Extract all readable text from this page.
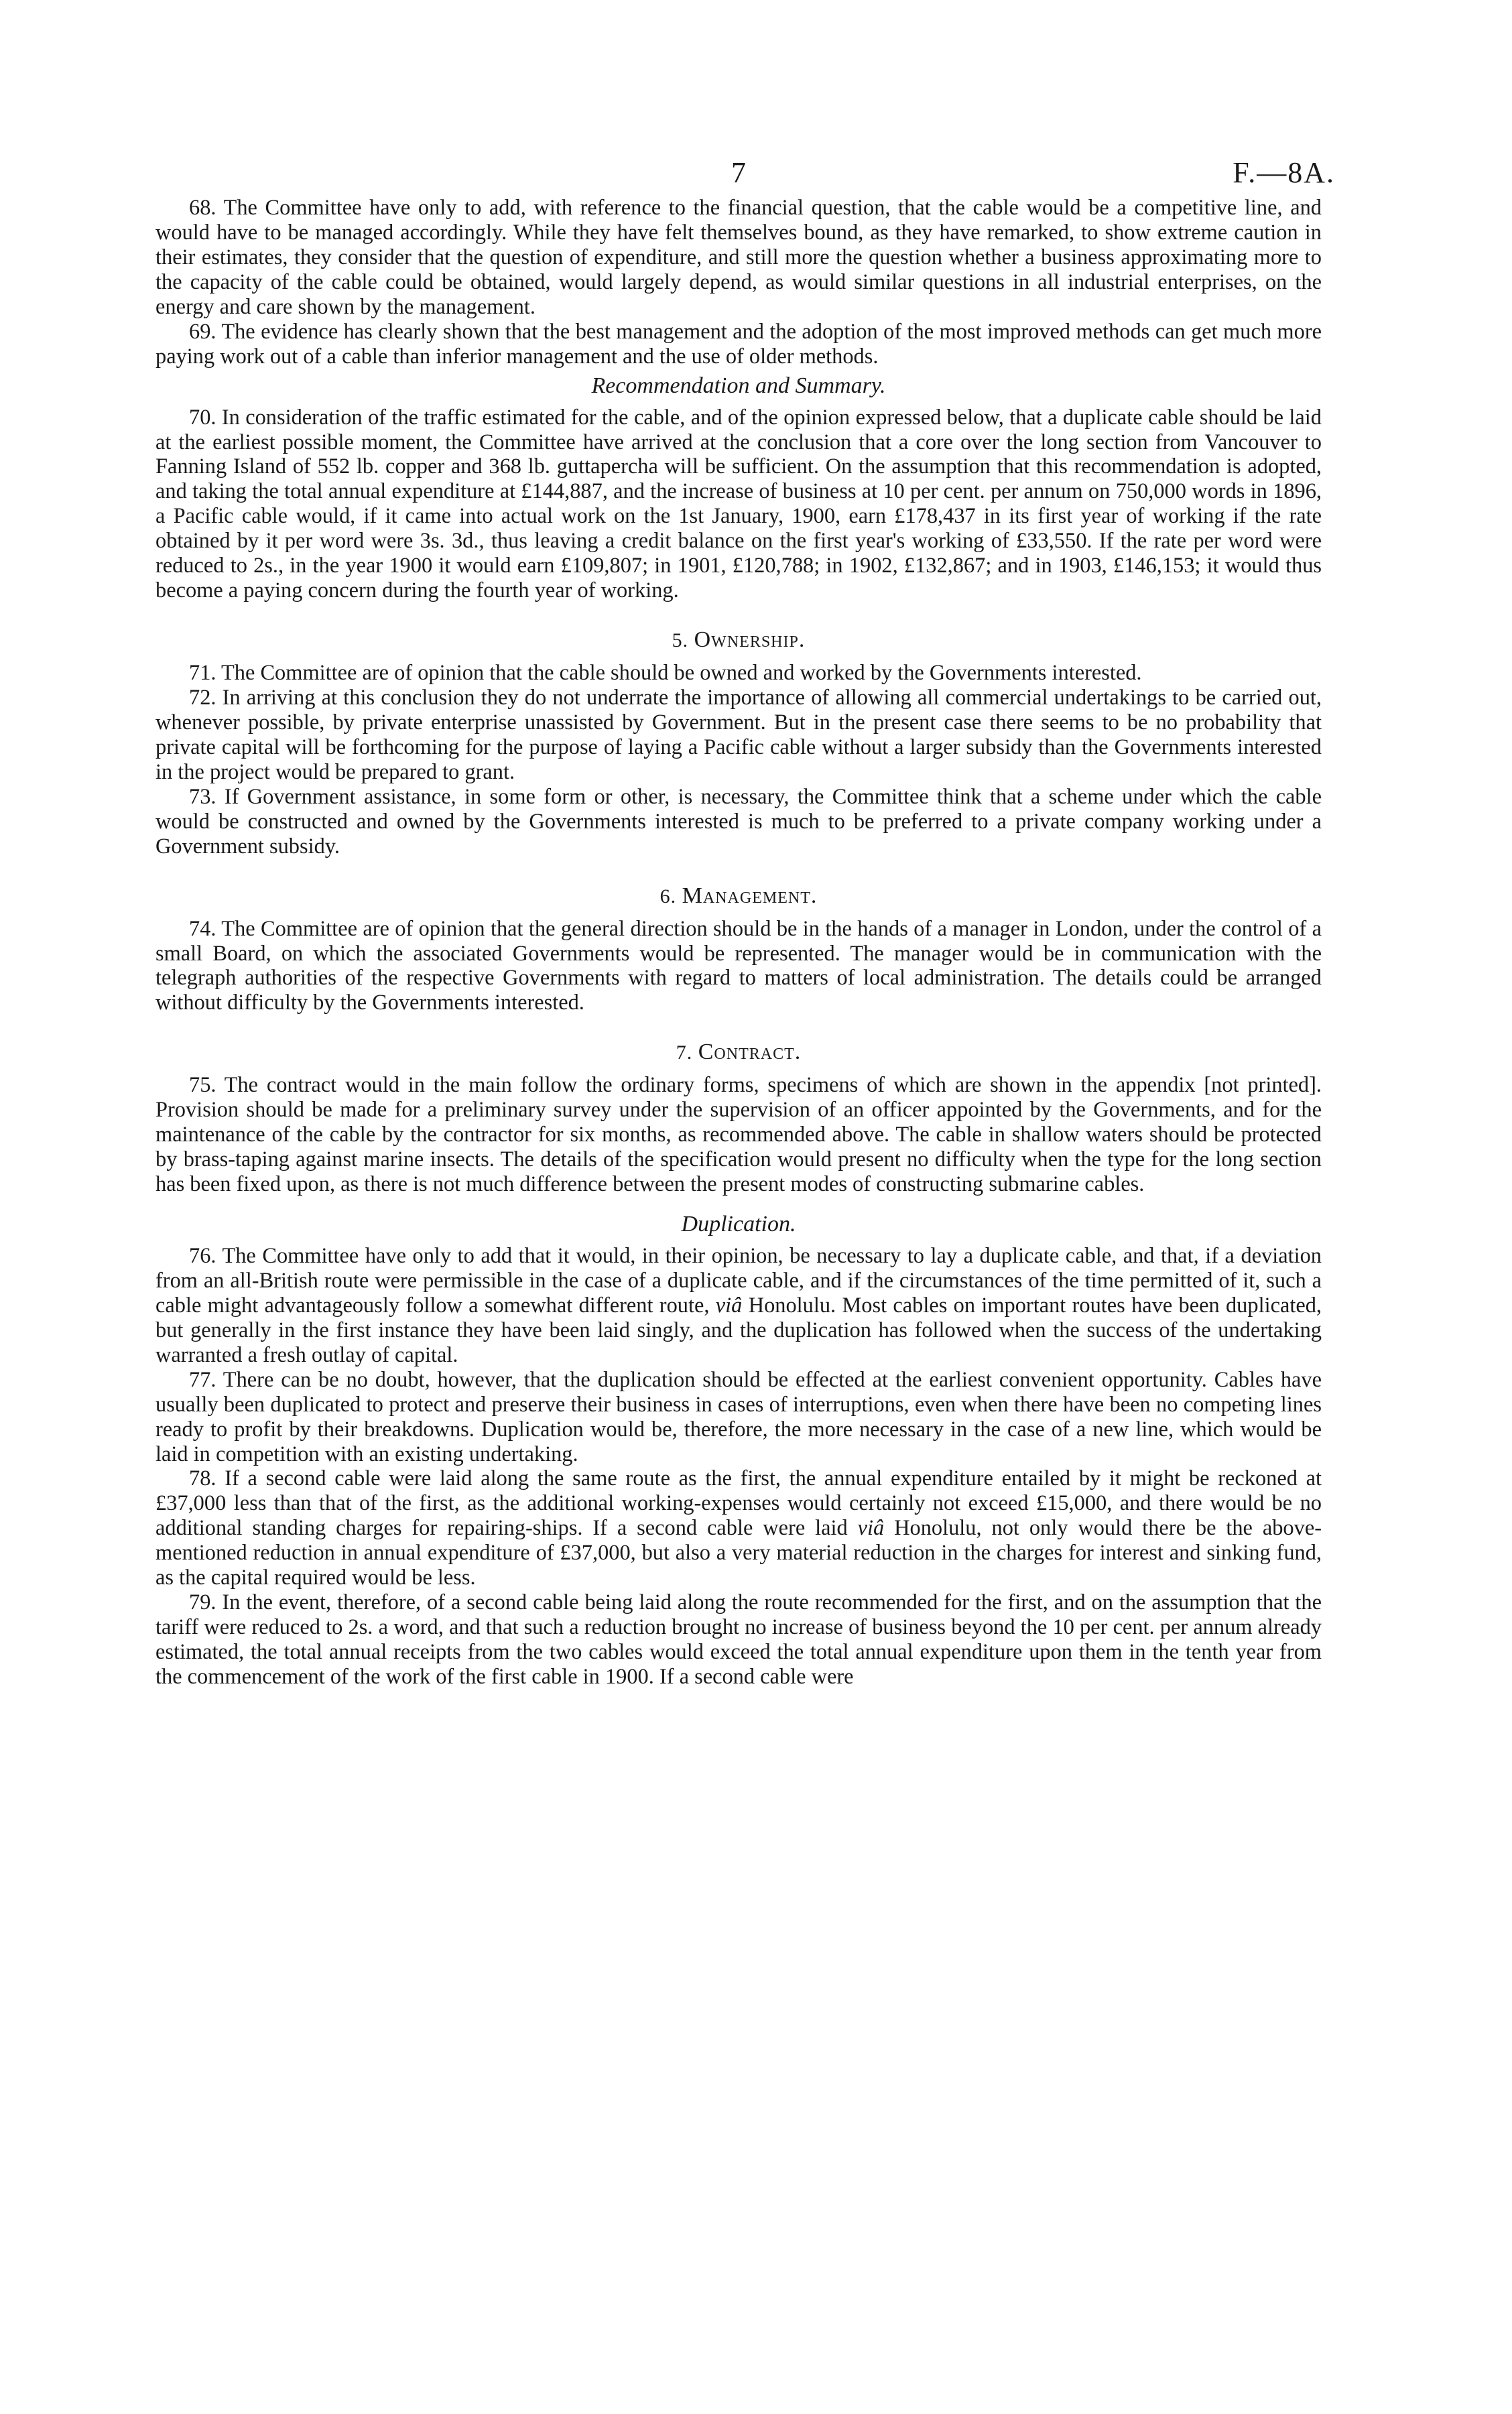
7	F.—8A.

68. The Committee have only to add, with reference to the financial question, that the cable would be a competitive line, and would have to be managed accordingly. While they have felt themselves bound, as they have remarked, to show extreme caution in their estimates, they consider that the question of expenditure, and still more the question whether a business approximating more to the capacity of the cable could be obtained, would largely depend, as would similar questions in all industrial enterprises, on the energy and care shown by the management.

69. The evidence has clearly shown that the best management and the adoption of the most improved methods can get much more paying work out of a cable than inferior management and the use of older methods.

Recommendation and Summary.

70. In consideration of the traffic estimated for the cable, and of the opinion expressed below, that a duplicate cable should be laid at the earliest possible moment, the Committee have arrived at the conclusion that a core over the long section from Vancouver to Fanning Island of 552 lb. copper and 368 lb. guttapercha will be sufficient. On the assumption that this recommendation is adopted, and taking the total annual expenditure at £144,887, and the increase of business at 10 per cent. per annum on 750,000 words in 1896, a Pacific cable would, if it came into actual work on the 1st January, 1900, earn £178,437 in its first year of working if the rate obtained by it per word were 3s. 3d., thus leaving a credit balance on the first year's working of £33,550. If the rate per word were reduced to 2s., in the year 1900 it would earn £109,807; in 1901, £120,788; in 1902, £132,867; and in 1903, £146,153; it would thus become a paying concern during the fourth year of working.

5. Ownership.

71. The Committee are of opinion that the cable should be owned and worked by the Governments interested.

72. In arriving at this conclusion they do not underrate the importance of allowing all commercial undertakings to be carried out, whenever possible, by private enterprise unassisted by Government. But in the present case there seems to be no probability that private capital will be forthcoming for the purpose of laying a Pacific cable without a larger subsidy than the Governments interested in the project would be prepared to grant.

73. If Government assistance, in some form or other, is necessary, the Committee think that a scheme under which the cable would be constructed and owned by the Governments interested is much to be preferred to a private company working under a Government subsidy.

6. Management.

74. The Committee are of opinion that the general direction should be in the hands of a manager in London, under the control of a small Board, on which the associated Governments would be represented. The manager would be in communication with the telegraph authorities of the respective Governments with regard to matters of local administration. The details could be arranged without difficulty by the Governments interested.

7. Contract.

75. The contract would in the main follow the ordinary forms, specimens of which are shown in the appendix [not printed]. Provision should be made for a preliminary survey under the supervision of an officer appointed by the Governments, and for the maintenance of the cable by the contractor for six months, as recommended above. The cable in shallow waters should be protected by brass-taping against marine insects. The details of the specification would present no difficulty when the type for the long section has been fixed upon, as there is not much difference between the present modes of constructing submarine cables.

Duplication.

76. The Committee have only to add that it would, in their opinion, be necessary to lay a duplicate cable, and that, if a deviation from an all-British route were permissible in the case of a duplicate cable, and if the circumstances of the time permitted of it, such a cable might advantageously follow a somewhat different route, viâ Honolulu. Most cables on important routes have been duplicated, but generally in the first instance they have been laid singly, and the duplication has followed when the success of the undertaking warranted a fresh outlay of capital.

77. There can be no doubt, however, that the duplication should be effected at the earliest convenient opportunity. Cables have usually been duplicated to protect and preserve their business in cases of interruptions, even when there have been no competing lines ready to profit by their breakdowns. Duplication would be, therefore, the more necessary in the case of a new line, which would be laid in competition with an existing undertaking.

78. If a second cable were laid along the same route as the first, the annual expenditure entailed by it might be reckoned at £37,000 less than that of the first, as the additional working-expenses would certainly not exceed £15,000, and there would be no additional standing charges for repairing-ships. If a second cable were laid viâ Honolulu, not only would there be the above-mentioned reduction in annual expenditure of £37,000, but also a very material reduction in the charges for interest and sinking fund, as the capital required would be less.

79. In the event, therefore, of a second cable being laid along the route recommended for the first, and on the assumption that the tariff were reduced to 2s. a word, and that such a reduction brought no increase of business beyond the 10 per cent. per annum already estimated, the total annual receipts from the two cables would exceed the total annual expenditure upon them in the tenth year from the commencement of the work of the first cable in 1900. If a second cable were
